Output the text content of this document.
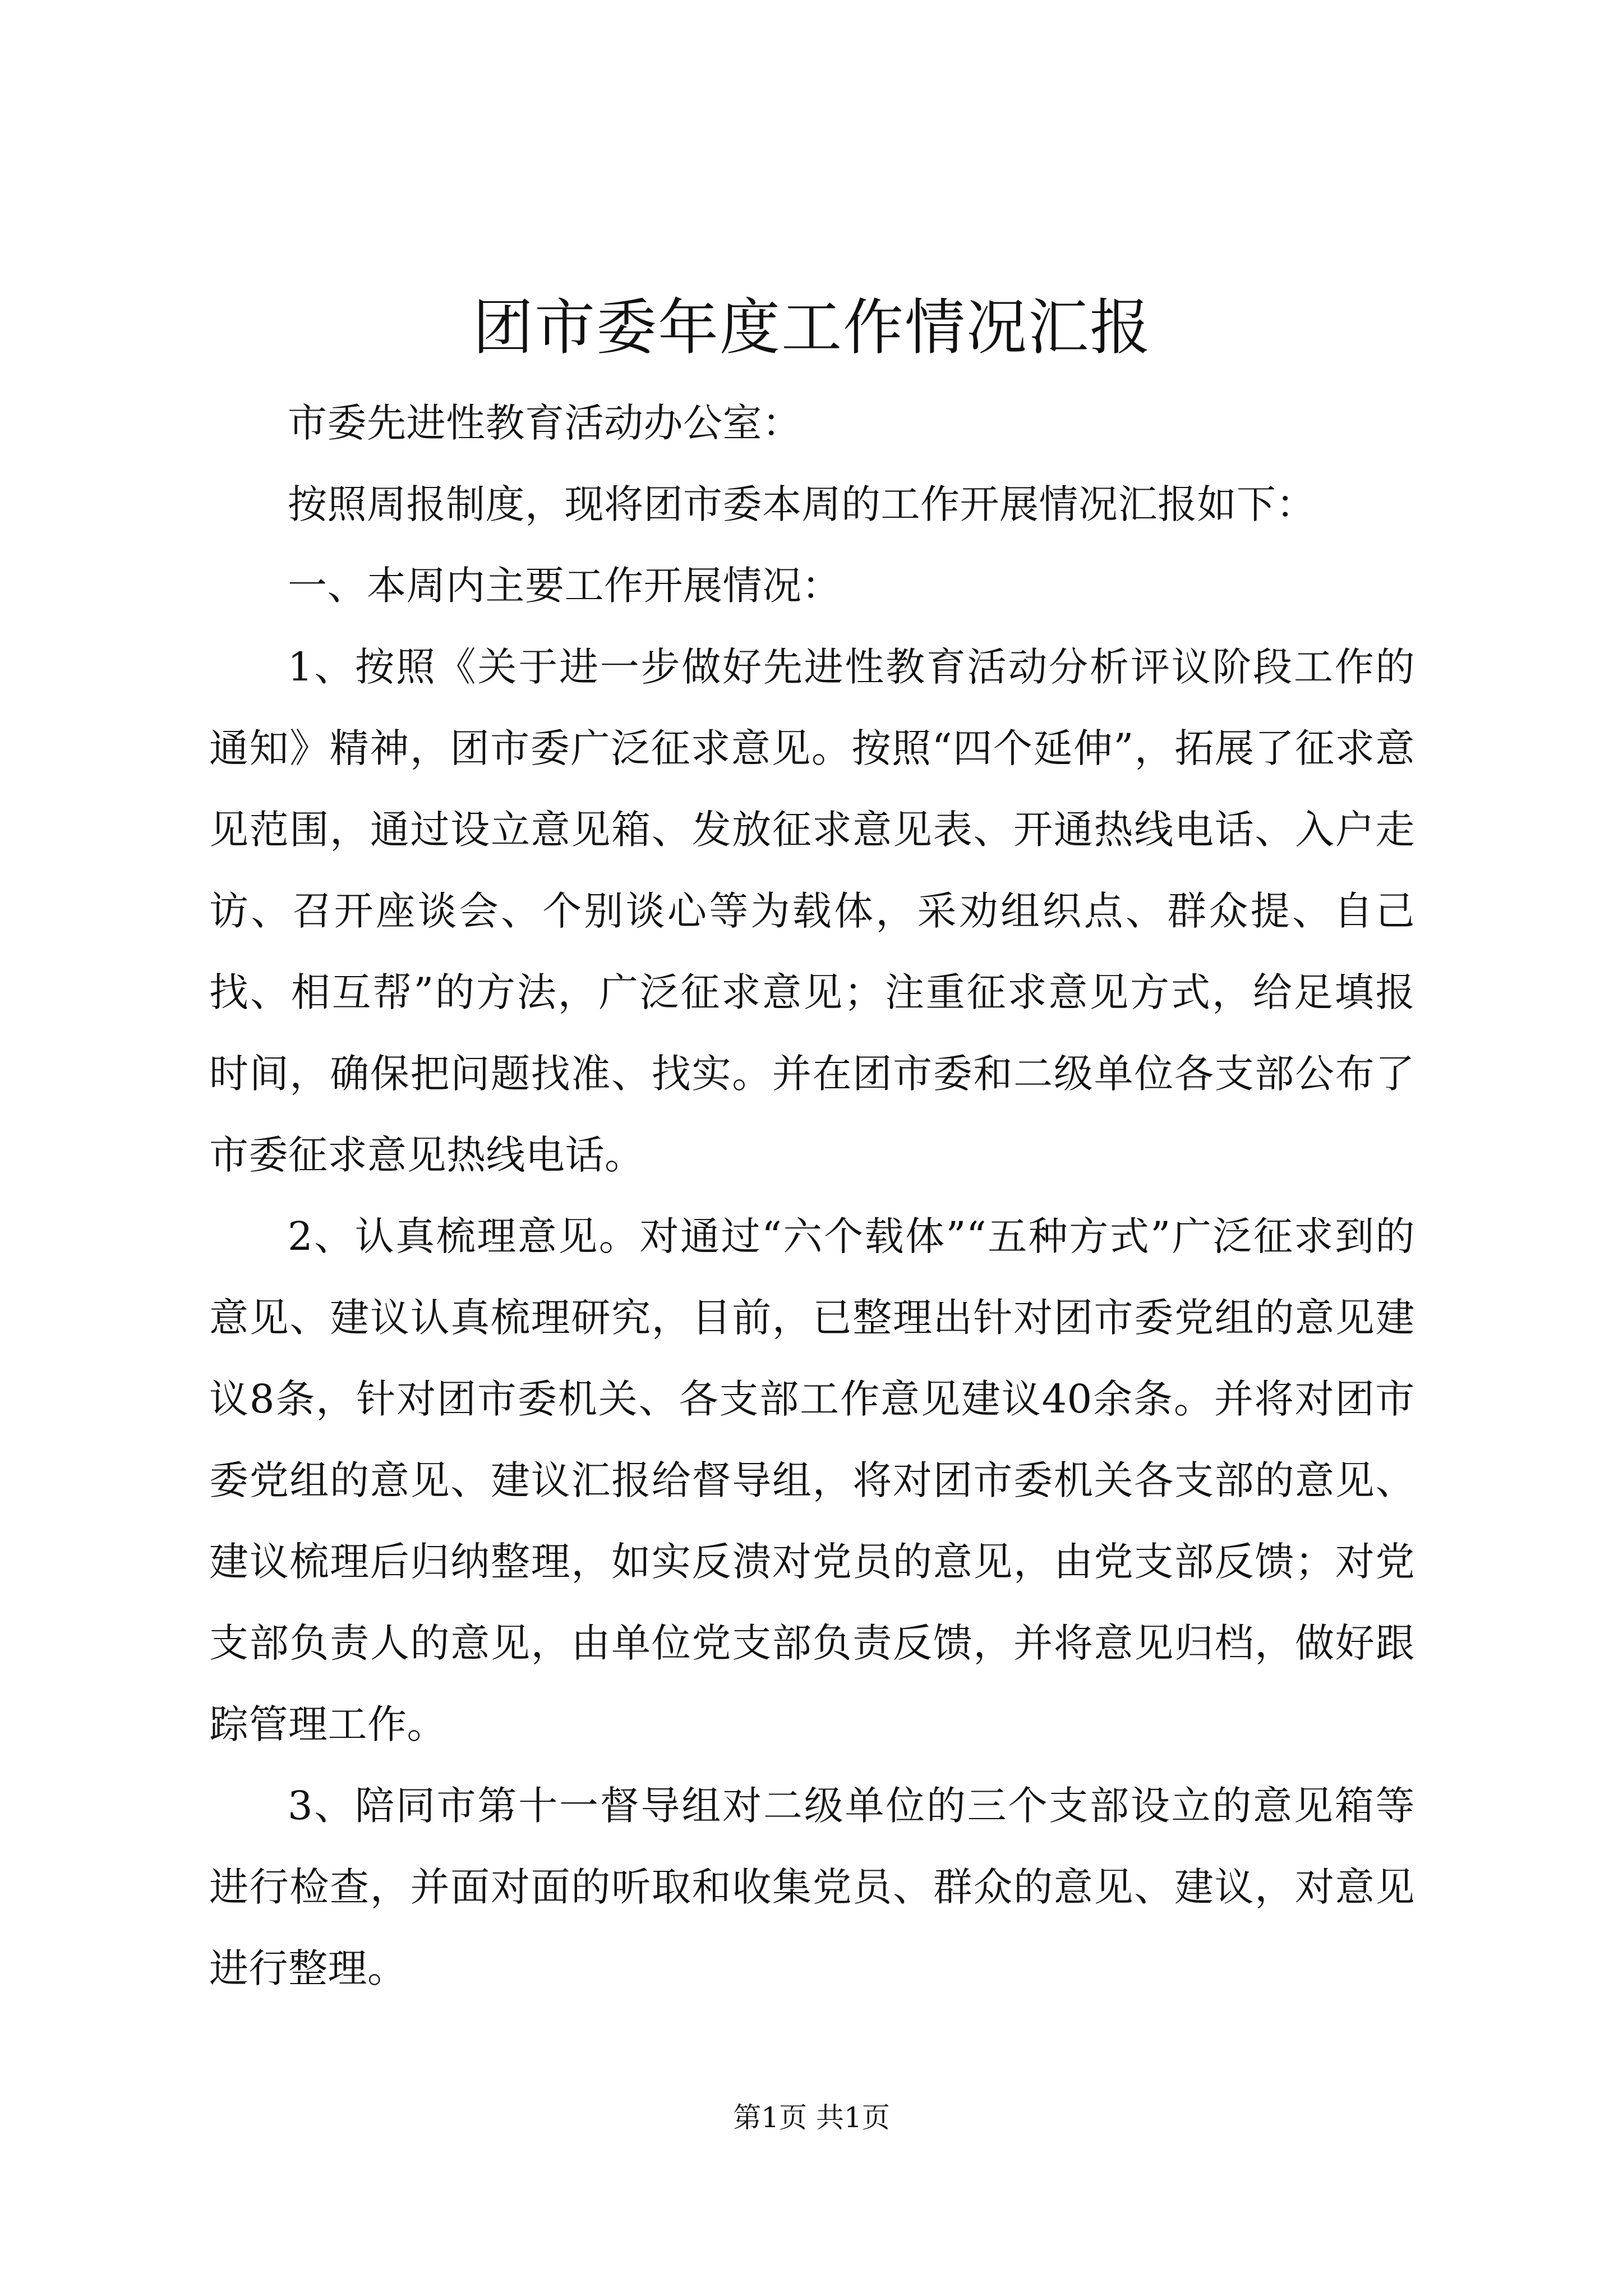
团市委年度工作情况汇报

市委先进性教育活动办公室：

按照周报制度，现将团市委本周的工作开展情况汇报如下：

一、本周内主要工作开展情况：

1、按照《关于进一步做好先进性教育活动分析评议阶段工作的通知》精神，团市委广泛征求意见。按照“四个延伸”，拓展了征求意见范围，通过设立意见箱、发放征求意见表、开通热线电话、入户走访、召开座谈会、个别谈心等为载体，采劝组织点、群众提、自己找、相互帮”的方法，广泛征求意见；注重征求意见方式，给足填报时间，确保把问题找准、找实。并在团市委和二级单位各支部公布了市委征求意见热线电话。

2、认真梳理意见。对通过“六个载体”“五种方式”广泛征求到的意见、建议认真梳理研究，目前，已整理出针对团市委党组的意见建议8条，针对团市委机关、各支部工作意见建议40余条。并将对团市委党组的意见、建议汇报给督导组，将对团市委机关各支部的意见、建议梳理后归纳整理，如实反溃对党员的意见，由党支部反馈；对党支部负责人的意见，由单位党支部负责反馈，并将意见归档，做好跟踪管理工作。

3、陪同市第十一督导组对二级单位的三个支部设立的意见箱等进行检查，并面对面的听取和收集党员、群众的意见、建议，对意见进行整理。

第1页 共1页
